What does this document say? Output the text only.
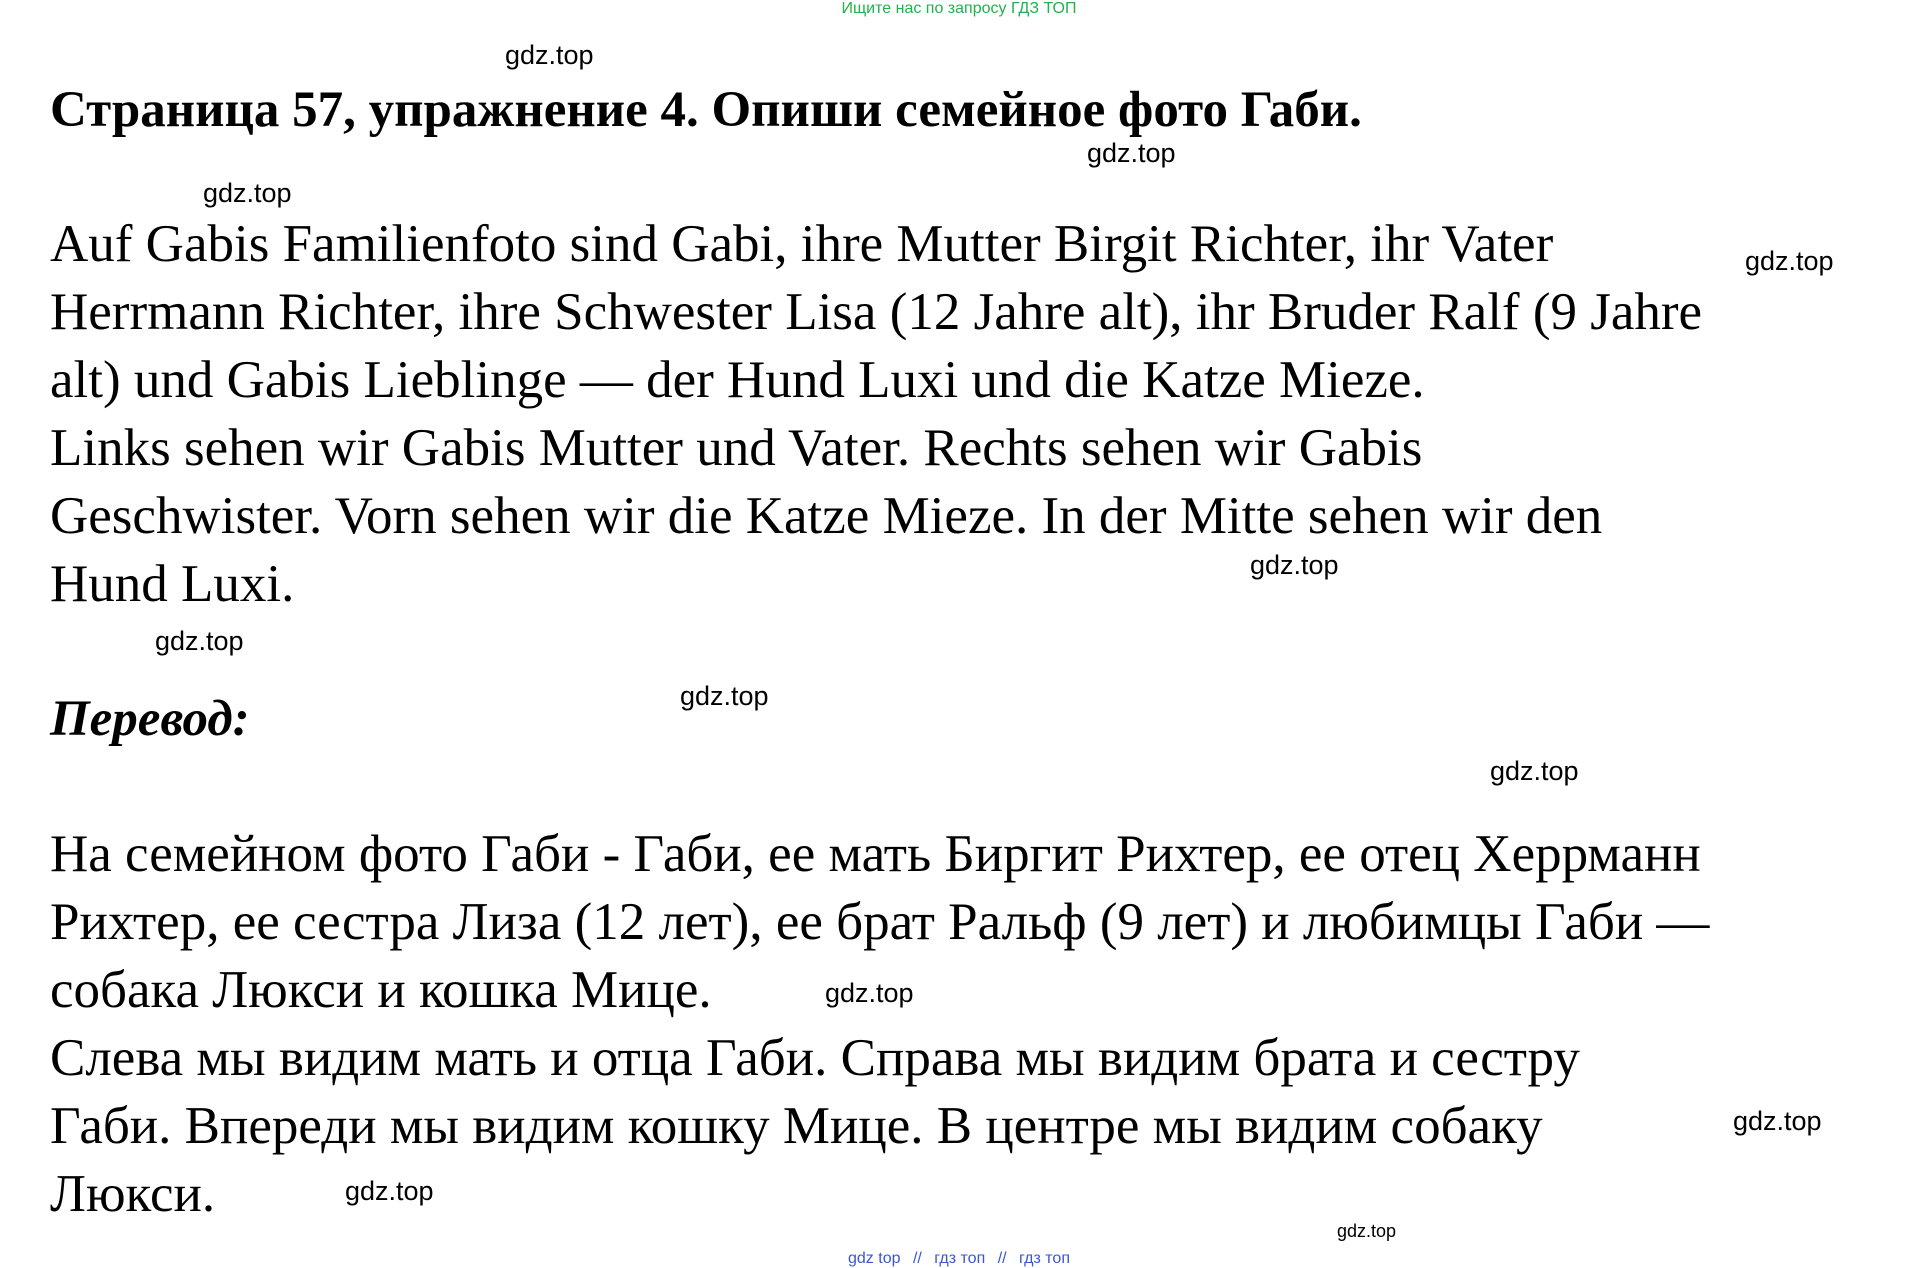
Ищите нас по запросу ГДЗ ТОП
Страница 57, упражнение 4. Опиши семейное фото Габи.

Auf Gabis Familienfoto sind Gabi, ihre Mutter Birgit Richter, ihr Vater
Herrmann Richter, ihre Schwester Lisa (12 Jahre alt), ihr Bruder Ralf (9 Jahre
alt) und Gabis Lieblinge — der Hund Luxi und die Katze Mieze.

Links sehen wir Gabis Mutter und Vater. Rechts sehen wir Gabis
Geschwister. Vorn sehen wir die Katze Mieze. In der Mitte sehen wir den
Hund Luxi.

Перевод:

На семейном фото Габи - Габи, ее мать Биргит Рихтер, ее отец Херрманн
Рихтер, ее сестра Лиза (12 лет), ее брат Ральф (9 лет) и любимцы Габи —
собака Люкси и кошка Мице.

Слева мы видим мать и отца Габи. Справа мы видим брата и сестру
Габи. Впереди мы видим кошку Мице. В центре мы видим собаку
Люкси.

gdz.top
gdz.top
gdz.top
gdz.top
gdz.top
gdz.top
gdz.top
gdz.top
gdz.top
gdz.top
gdz.top
gdz.top
gdz top // гдз топ // гдз топ
